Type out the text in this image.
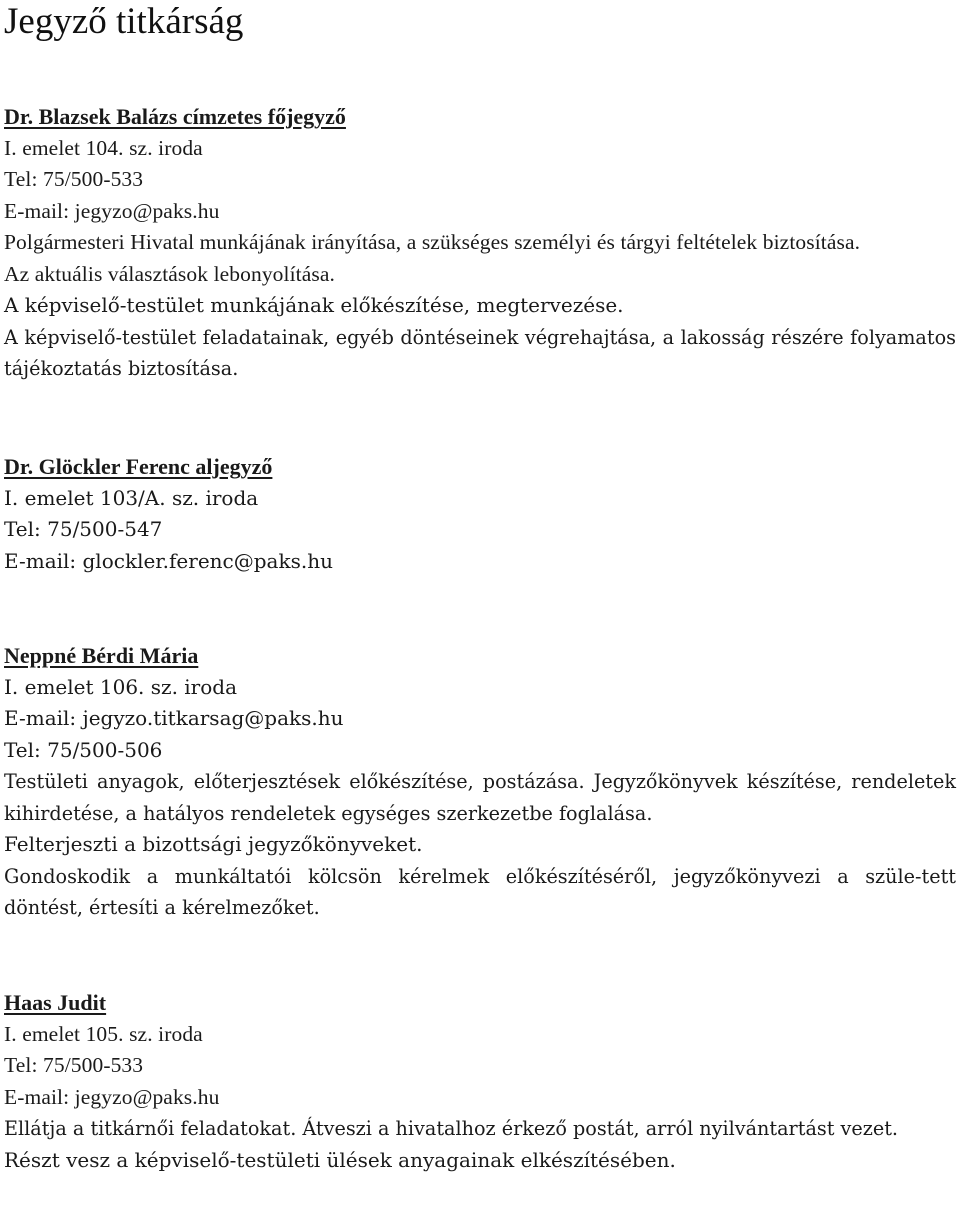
Jegyző titkárság

Dr. Blazsek Balázs címzetes főjegyző

I. emelet 104. sz. iroda

Tel: 75/500-533

E-mail: jegyzo@paks.hu

Polgármesteri Hivatal munkájának irányítása, a szükséges személyi és tárgyi feltételek biztosítása.

Az aktuális választások lebonyolítása.

A képviselő-testület munkájának előkészítése, megtervezése.

A képviselő-testület feladatainak, egyéb döntéseinek végrehajtása, a lakosság részére folyamatos tájékoztatás biztosítása.

Dr. Glöckler Ferenc aljegyző

I. emelet 103/A. sz. iroda

Tel: 75/500-547

E-mail: glockler.ferenc@paks.hu

Neppné Bérdi Mária

I. emelet 106. sz. iroda

E-mail: jegyzo.titkarsag@paks.hu

Tel: 75/500-506

Testületi anyagok, előterjesztések előkészítése, postázása. Jegyzőkönyvek készítése, rendeletek kihirdetése, a hatályos rendeletek egységes szerkezetbe foglalása.

Felterjeszti a bizottsági jegyzőkönyveket.

Gondoskodik a munkáltatói kölcsön kérelmek előkészítéséről, jegyzőkönyvezi a szüle-tett döntést, értesíti a kérelmezőket.

Haas Judit

I. emelet 105. sz. iroda

Tel: 75/500-533

E-mail: jegyzo@paks.hu

Ellátja a titkárnői feladatokat. Átveszi a hivatalhoz érkező postát, arról nyilvántartást vezet.

Részt vesz a képviselő-testületi ülések anyagainak elkészítésében.
